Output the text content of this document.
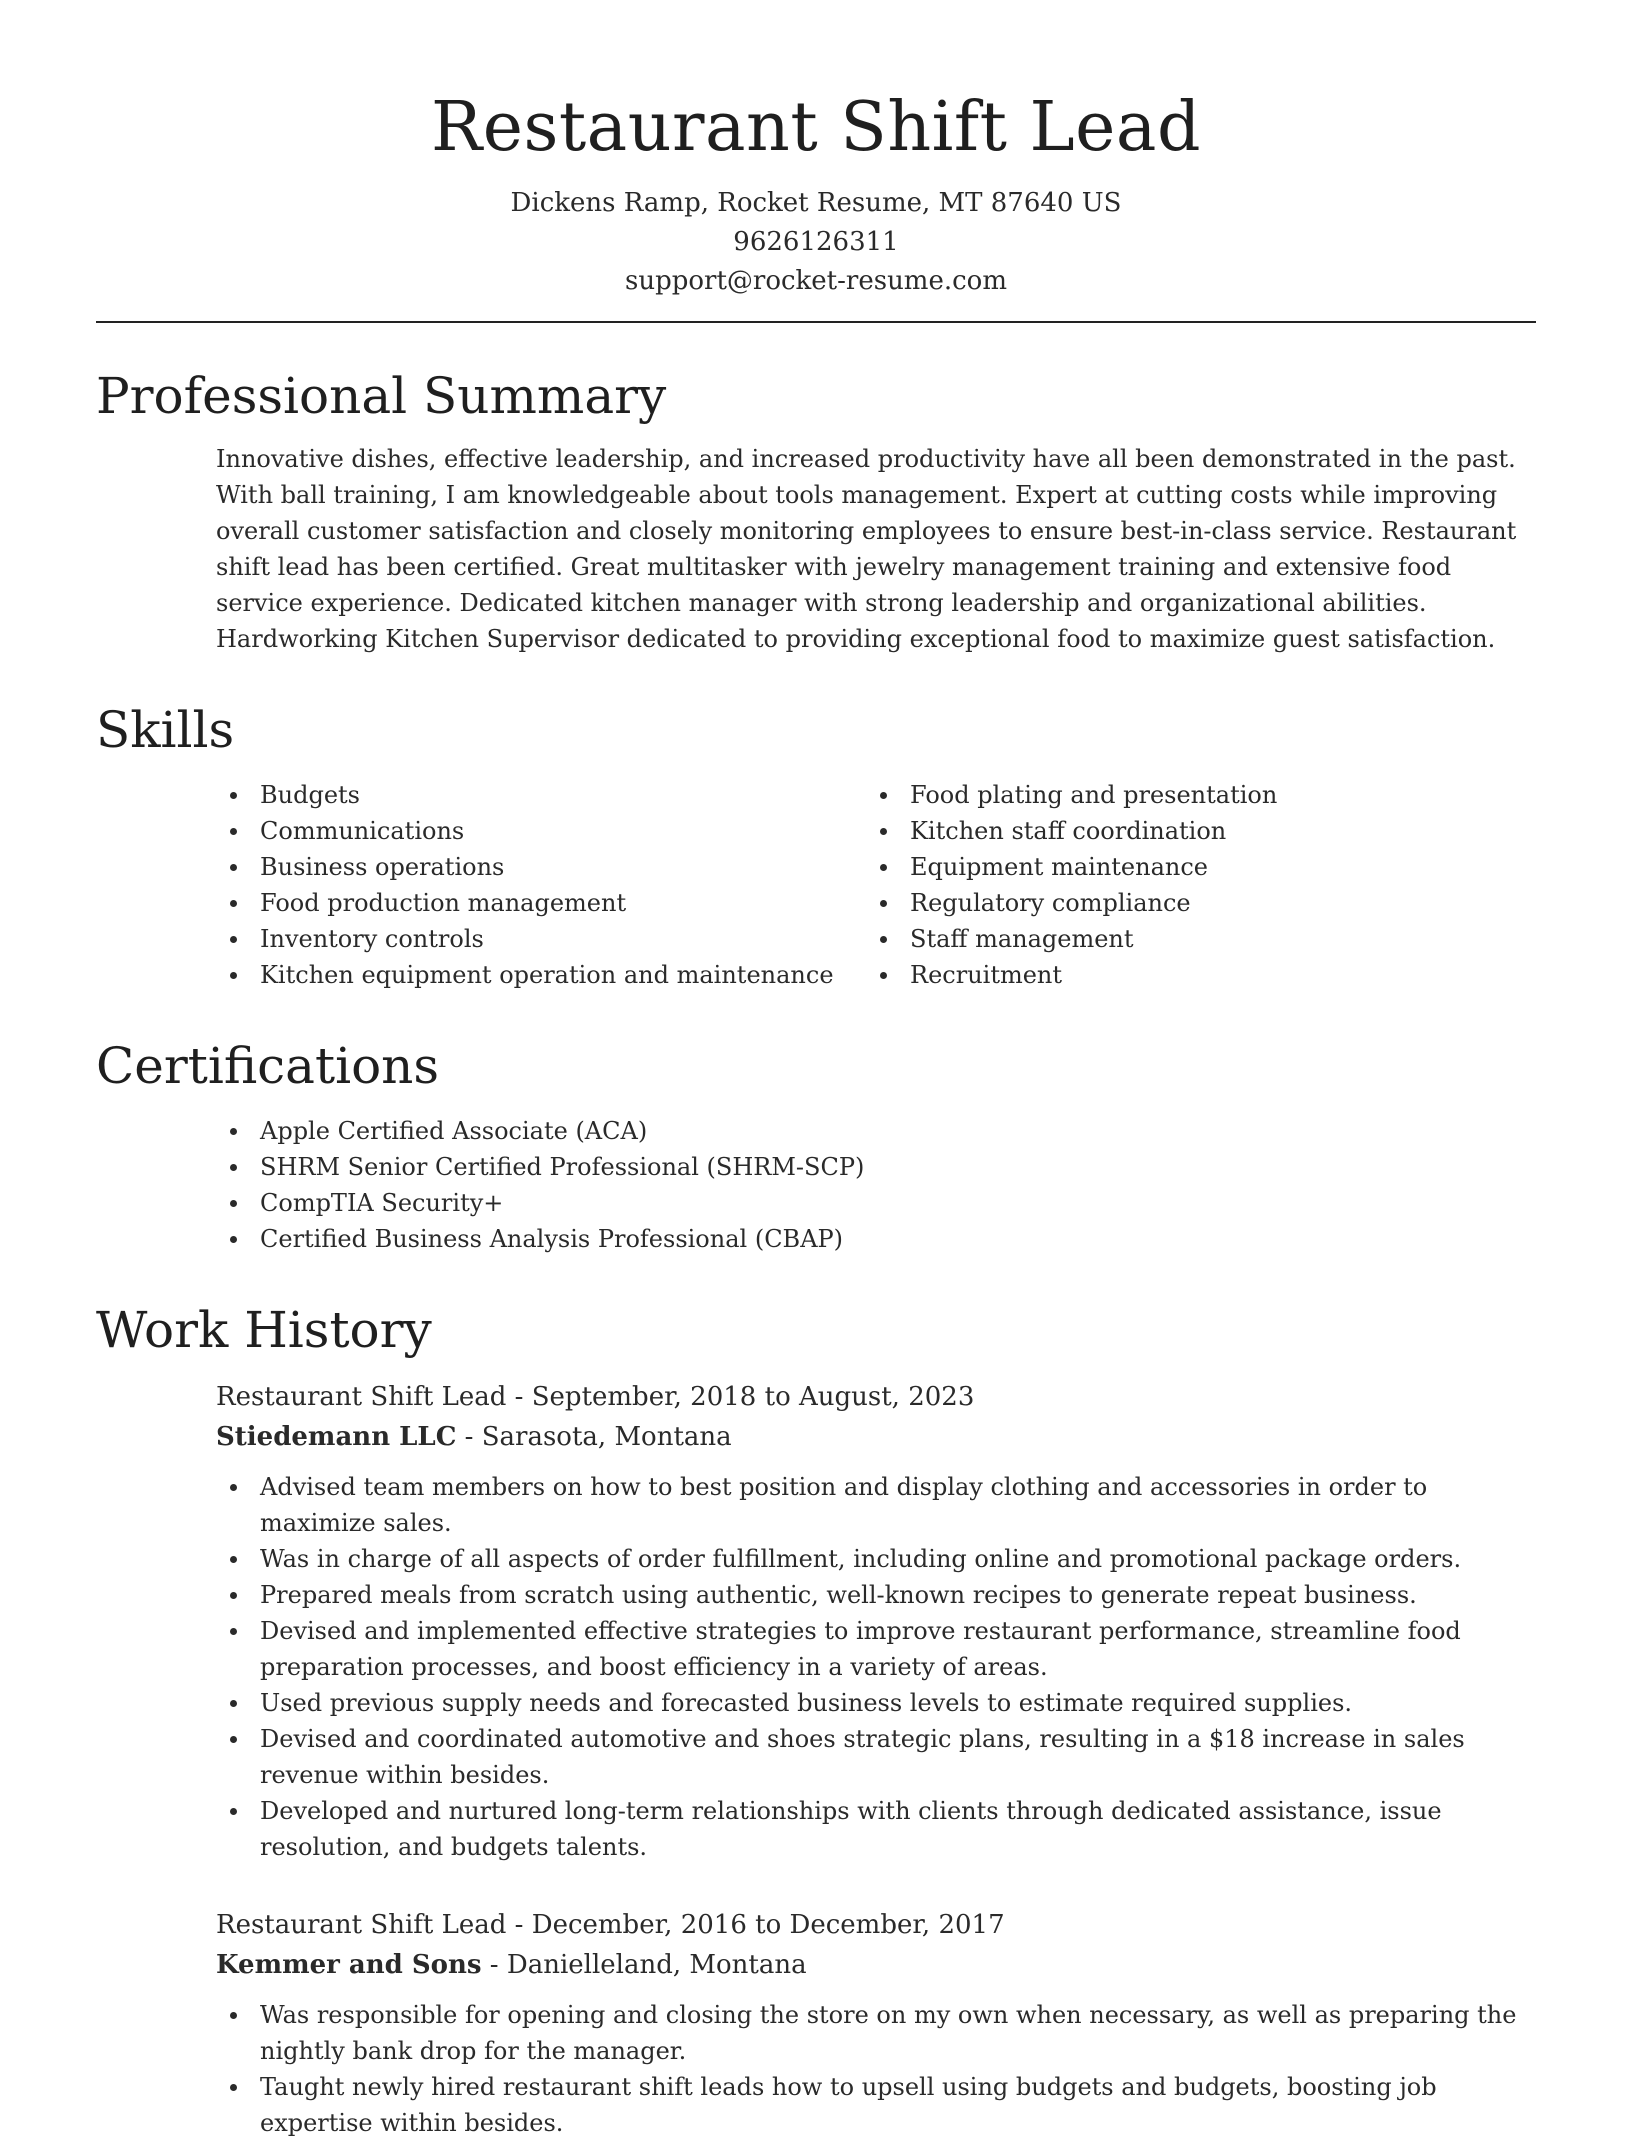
Restaurant Shift Lead
Dickens Ramp, Rocket Resume, MT 87640 US
9626126311
support@rocket-resume.com
Professional Summary

Innovative dishes, effective leadership, and increased productivity have all been demonstrated in the past. With ball training, I am knowledgeable about tools management. Expert at cutting costs while improving overall customer satisfaction and closely monitoring employees to ensure best-in-class service. Restaurant shift lead has been certified. Great multitasker with jewelry management training and extensive food service experience. Dedicated kitchen manager with strong leadership and organizational abilities. Hardworking Kitchen Supervisor dedicated to providing exceptional food to maximize guest satisfaction.

Skills
Budgets
Communications
Business operations
Food production management
Inventory controls
Kitchen equipment operation and maintenance
Food plating and presentation
Kitchen staff coordination
Equipment maintenance
Regulatory compliance
Staff management
Recruitment
Certifications
Apple Certified Associate (ACA)
SHRM Senior Certified Professional (SHRM-SCP)
CompTIA Security+
Certified Business Analysis Professional (CBAP)
Work History
Restaurant Shift Lead - September, 2018 to August, 2023
Stiedemann LLC - Sarasota, Montana
Advised team members on how to best position and display clothing and accessories in order to maximize sales.
Was in charge of all aspects of order fulfillment, including online and promotional package orders.
Prepared meals from scratch using authentic, well-known recipes to generate repeat business.
Devised and implemented effective strategies to improve restaurant performance, streamline food preparation processes, and boost efficiency in a variety of areas.
Used previous supply needs and forecasted business levels to estimate required supplies.
Devised and coordinated automotive and shoes strategic plans, resulting in a $18 increase in sales revenue within besides.
Developed and nurtured long-term relationships with clients through dedicated assistance, issue resolution, and budgets talents.
Restaurant Shift Lead - December, 2016 to December, 2017
Kemmer and Sons - Danielleland, Montana
Was responsible for opening and closing the store on my own when necessary, as well as preparing the nightly bank drop for the manager.
Taught newly hired restaurant shift leads how to upsell using budgets and budgets, boosting job expertise within besides.
